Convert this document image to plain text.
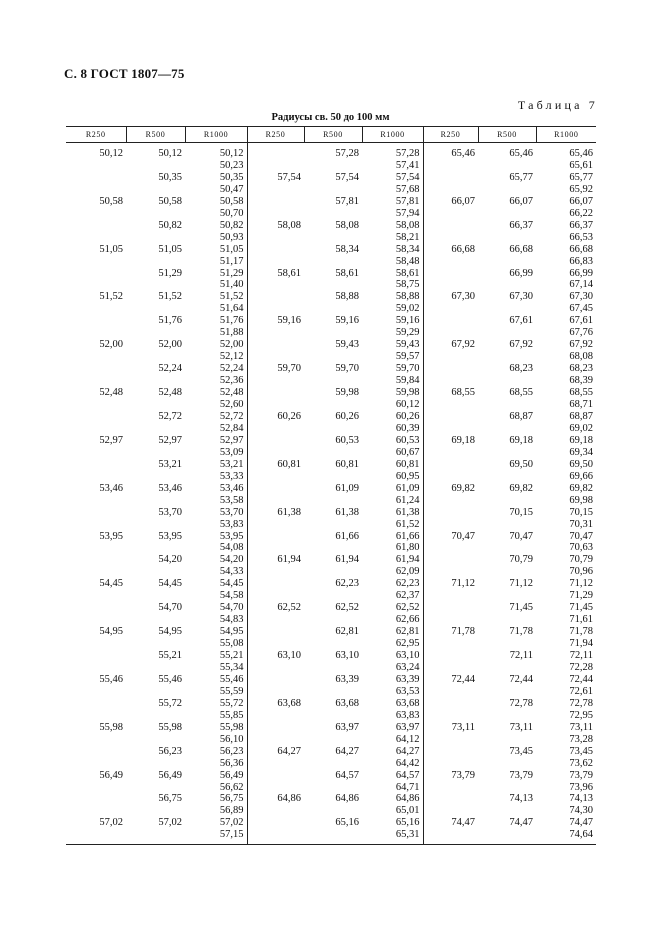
С. 8 ГОСТ 1807—75
Таблица 7
Радиусы св. 50 до 100 мм
R250	R500	R1000	R250	R500	R1000	R250	R500	R1000
50,12	50,12	50,12		57,28	57,28	65,46	65,46	65,46
		50,23			57,41			65,61
	50,35	50,35	57,54	57,54	57,54		65,77	65,77
		50,47			57,68			65,92
50,58	50,58	50,58		57,81	57,81	66,07	66,07	66,07
		50,70			57,94			66,22
	50,82	50,82	58,08	58,08	58,08		66,37	66,37
		50,93			58,21			66,53
51,05	51,05	51,05		58,34	58,34	66,68	66,68	66,68
		51,17			58,48			66,83
	51,29	51,29	58,61	58,61	58,61		66,99	66,99
		51,40			58,75			67,14
51,52	51,52	51,52		58,88	58,88	67,30	67,30	67,30
		51,64			59,02			67,45
	51,76	51,76	59,16	59,16	59,16		67,61	67,61
		51,88			59,29			67,76
52,00	52,00	52,00		59,43	59,43	67,92	67,92	67,92
		52,12			59,57			68,08
	52,24	52,24	59,70	59,70	59,70		68,23	68,23
		52,36			59,84			68,39
52,48	52,48	52,48		59,98	59,98	68,55	68,55	68,55
		52,60			60,12			68,71
	52,72	52,72	60,26	60,26	60,26		68,87	68,87
		52,84			60,39			69,02
52,97	52,97	52,97		60,53	60,53	69,18	69,18	69,18
		53,09			60,67			69,34
	53,21	53,21	60,81	60,81	60,81		69,50	69,50
		53,33			60,95			69,66
53,46	53,46	53,46		61,09	61,09	69,82	69,82	69,82
		53,58			61,24			69,98
	53,70	53,70	61,38	61,38	61,38		70,15	70,15
		53,83			61,52			70,31
53,95	53,95	53,95		61,66	61,66	70,47	70,47	70,47
		54,08			61,80			70,63
	54,20	54,20	61,94	61,94	61,94		70,79	70,79
		54,33			62,09			70,96
54,45	54,45	54,45		62,23	62,23	71,12	71,12	71,12
		54,58			62,37			71,29
	54,70	54,70	62,52	62,52	62,52		71,45	71,45
		54,83			62,66			71,61
54,95	54,95	54,95		62,81	62,81	71,78	71,78	71,78
		55,08			62,95			71,94
	55,21	55,21	63,10	63,10	63,10		72,11	72,11
		55,34			63,24			72,28
55,46	55,46	55,46		63,39	63,39	72,44	72,44	72,44
		55,59			63,53			72,61
	55,72	55,72	63,68	63,68	63,68		72,78	72,78
		55,85			63,83			72,95
55,98	55,98	55,98		63,97	63,97	73,11	73,11	73,11
		56,10			64,12			73,28
	56,23	56,23	64,27	64,27	64,27		73,45	73,45
		56,36			64,42			73,62
56,49	56,49	56,49		64,57	64,57	73,79	73,79	73,79
		56,62			64,71			73,96
	56,75	56,75	64,86	64,86	64,86		74,13	74,13
		56,89			65,01			74,30
57,02	57,02	57,02		65,16	65,16	74,47	74,47	74,47
		57,15			65,31			74,64
